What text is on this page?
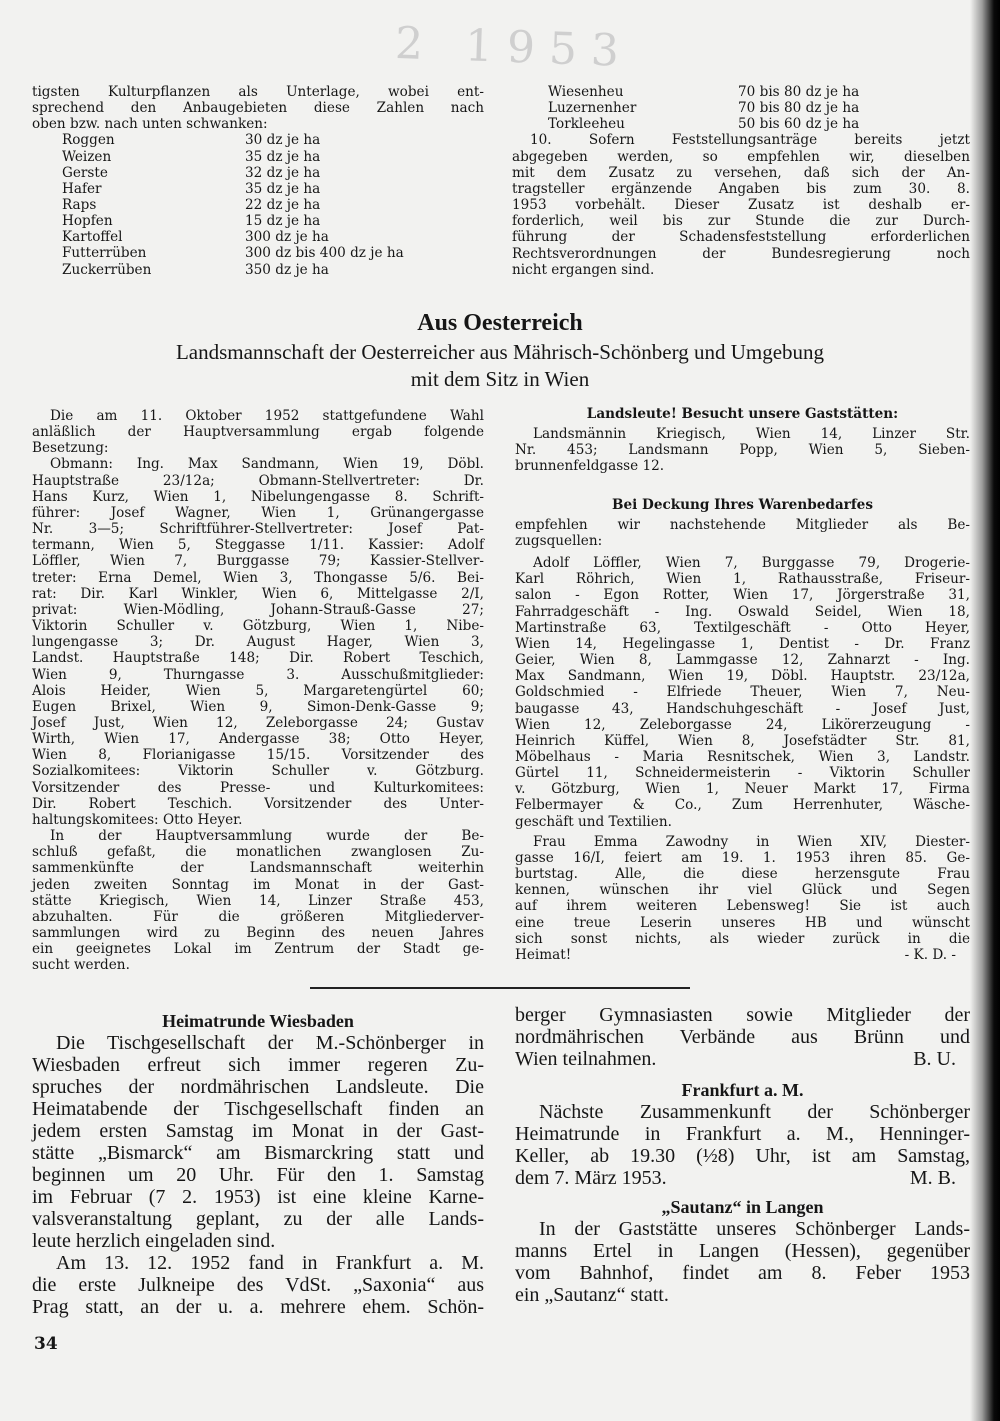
2 1953
tigsten Kulturpflanzen als Unterlage, wobei ent-
sprechend den Anbaugebieten diese Zahlen nach
oben bzw. nach unten schwanken:
Roggen	30 dz je ha
Weizen	35 dz je ha
Gerste	32 dz je ha
Hafer	35 dz je ha
Raps	22 dz je ha
Hopfen	15 dz je ha
Kartoffel	300 dz je ha
Futterrüben	300 dz bis 400 dz je ha
Zuckerrüben	350 dz je ha
Wiesenheu	70 bis 80 dz je ha
Luzernenher	70 bis 80 dz je ha
Torkleeheu	50 bis 60 dz je ha
10. Sofern Feststellungsanträge bereits jetzt
abgegeben werden, so empfehlen wir, dieselben
mit dem Zusatz zu versehen, daß sich der An-
tragsteller ergänzende Angaben bis zum 30. 8.
1953 vorbehält. Dieser Zusatz ist deshalb er-
forderlich, weil bis zur Stunde die zur Durch-
führung der Schadensfeststellung erforderlichen
Rechtsverordnungen der Bundesregierung noch
nicht ergangen sind.
Aus Oesterreich
Landsmannschaft der Oesterreicher aus Mährisch-Schönberg und Umgebung
mit dem Sitz in Wien
Die am 11. Oktober 1952 stattgefundene Wahl
anläßlich der Hauptversammlung ergab folgende
Besetzung:
Obmann: Ing. Max Sandmann, Wien 19, Döbl.
Hauptstraße 23/12a; Obmann-Stellvertreter: Dr.
Hans Kurz, Wien 1, Nibelungengasse 8. Schrift-
führer: Josef Wagner, Wien 1, Grünangergasse
Nr. 3—5; Schriftführer-Stellvertreter: Josef Pat-
termann, Wien 5, Steggasse 1/11. Kassier: Adolf
Löffler, Wien 7, Burggasse 79; Kassier-Stellver-
treter: Erna Demel, Wien 3, Thongasse 5/6. Bei-
rat: Dir. Karl Winkler, Wien 6, Mittelgasse 2/I,
privat: Wien-Mödling, Johann-Strauß-Gasse 27;
Viktorin Schuller v. Götzburg, Wien 1, Nibe-
lungengasse 3; Dr. August Hager, Wien 3,
Landst. Hauptstraße 148; Dir. Robert Teschich,
Wien 9, Thurngasse 3. Ausschußmitglieder:
Alois Heider, Wien 5, Margaretengürtel 60;
Eugen Brixel, Wien 9, Simon-Denk-Gasse 9;
Josef Just, Wien 12, Zeleborgasse 24; Gustav
Wirth, Wien 17, Andergasse 38; Otto Heyer,
Wien 8, Florianigasse 15/15. Vorsitzender des
Sozialkomitees: Viktorin Schuller v. Götzburg.
Vorsitzender des Presse- und Kulturkomitees:
Dir. Robert Teschich. Vorsitzender des Unter-
haltungskomitees: Otto Heyer.
In der Hauptversammlung wurde der Be-
schluß gefaßt, die monatlichen zwanglosen Zu-
sammenkünfte der Landsmannschaft weiterhin
jeden zweiten Sonntag im Monat in der Gast-
stätte Kriegisch, Wien 14, Linzer Straße 453,
abzuhalten. Für die größeren Mitgliederver-
sammlungen wird zu Beginn des neuen Jahres
ein geeignetes Lokal im Zentrum der Stadt ge-
sucht werden.
Landsleute! Besucht unsere Gaststätten:
Landsmännin Kriegisch, Wien 14, Linzer Str.
Nr. 453; Landsmann Popp, Wien 5, Sieben-
brunnenfeldgasse 12.
Bei Deckung Ihres Warenbedarfes
empfehlen wir nachstehende Mitglieder als Be-
zugsquellen:
Adolf Löffler, Wien 7, Burggasse 79, Drogerie-
Karl Röhrich, Wien 1, Rathausstraße, Friseur-
salon - Egon Rotter, Wien 17, Jörgerstraße 31,
Fahrradgeschäft - Ing. Oswald Seidel, Wien 18,
Martinstraße 63, Textilgeschäft - Otto Heyer,
Wien 14, Hegelingasse 1, Dentist - Dr. Franz
Geier, Wien 8, Lammgasse 12, Zahnarzt - Ing.
Max Sandmann, Wien 19, Döbl. Hauptstr. 23/12a,
Goldschmied - Elfriede Theuer, Wien 7, Neu-
baugasse 43, Handschuhgeschäft - Josef Just,
Wien 12, Zeleborgasse 24, Likörerzeugung -
Heinrich Küffel, Wien 8, Josefstädter Str. 81,
Möbelhaus - Maria Resnitschek, Wien 3, Landstr.
Gürtel 11, Schneidermeisterin - Viktorin Schuller
v. Götzburg, Wien 1, Neuer Markt 17, Firma
Felbermayer & Co., Zum Herrenhuter, Wäsche-
geschäft und Textilien.
Frau Emma Zawodny in Wien XIV, Diester-
gasse 16/I, feiert am 19. 1. 1953 ihren 85. Ge-
burtstag. Alle, die diese herzensgute Frau
kennen, wünschen ihr viel Glück und Segen
auf ihrem weiteren Lebensweg! Sie ist auch
eine treue Leserin unseres HB und wünscht
sich sonst nichts, als wieder zurück in die
- K. D. -
Heimat!
Heimatrunde Wiesbaden
Die Tischgesellschaft der M.-Schönberger in
Wiesbaden erfreut sich immer regeren Zu-
spruches der nordmährischen Landsleute. Die
Heimatabende der Tischgesellschaft finden an
jedem ersten Samstag im Monat in der Gast-
stätte „Bismarck“ am Bismarckring statt und
beginnen um 20 Uhr. Für den 1. Samstag
im Februar (7 2. 1953) ist eine kleine Karne-
valsveranstaltung geplant, zu der alle Lands-
leute herzlich eingeladen sind.
Am 13. 12. 1952 fand in Frankfurt a. M.
die erste Julkneipe des VdSt. „Saxonia“ aus
Prag statt, an der u. a. mehrere ehem. Schön-
berger Gymnasiasten sowie Mitglieder der
nordmährischen Verbände aus Brünn und
B. U.
Wien teilnahmen.
Frankfurt a. M.
Nächste Zusammenkunft der Schönberger
Heimatrunde in Frankfurt a. M., Henninger-
Keller, ab 19.30 (½8) Uhr, ist am Samstag,
M. B.
dem 7. März 1953.
„Sautanz“ in Langen
In der Gaststätte unseres Schönberger Lands-
manns Ertel in Langen (Hessen), gegenüber
vom Bahnhof, findet am 8. Feber 1953
ein „Sautanz“ statt.
34
